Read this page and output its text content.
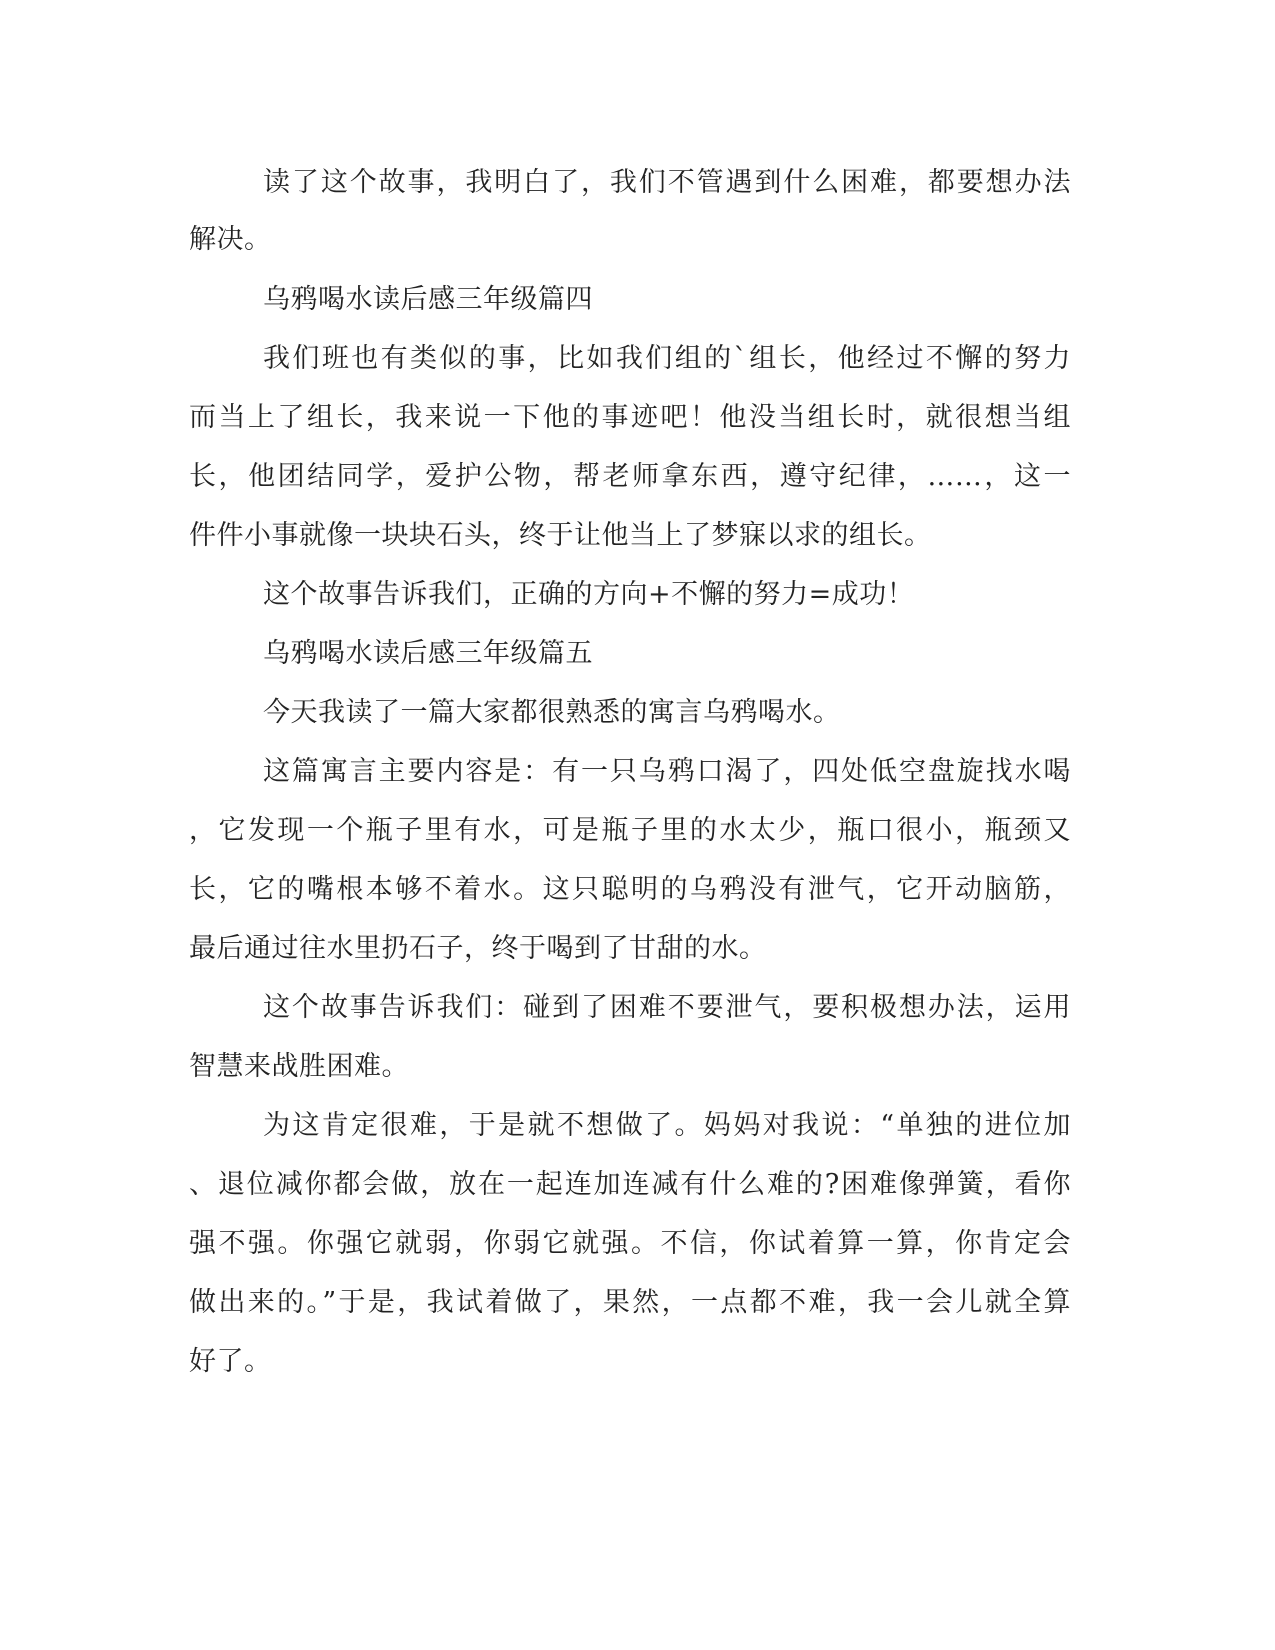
读了这个故事，我明白了，我们不管遇到什么困难，都要想办法

解决。

乌鸦喝水读后感三年级篇四

我们班也有类似的事，比如我们组的`组长，他经过不懈的努力

而当上了组长，我来说一下他的事迹吧！他没当组长时，就很想当组

长，他团结同学，爱护公物，帮老师拿东西，遵守纪律，……，这一

件件小事就像一块块石头，终于让他当上了梦寐以求的组长。

这个故事告诉我们，正确的方向+不懈的努力=成功！

乌鸦喝水读后感三年级篇五

今天我读了一篇大家都很熟悉的寓言乌鸦喝水。

这篇寓言主要内容是：有一只乌鸦口渴了，四处低空盘旋找水喝

，它发现一个瓶子里有水，可是瓶子里的水太少，瓶口很小，瓶颈又

长，它的嘴根本够不着水。这只聪明的乌鸦没有泄气，它开动脑筋，

最后通过往水里扔石子，终于喝到了甘甜的水。

这个故事告诉我们：碰到了困难不要泄气，要积极想办法，运用

智慧来战胜困难。

为这肯定很难，于是就不想做了。妈妈对我说：“单独的进位加

、退位减你都会做，放在一起连加连减有什么难的?困难像弹簧，看你

强不强。你强它就弱，你弱它就强。不信，你试着算一算，你肯定会

做出来的。”于是，我试着做了，果然，一点都不难，我一会儿就全算

好了。
